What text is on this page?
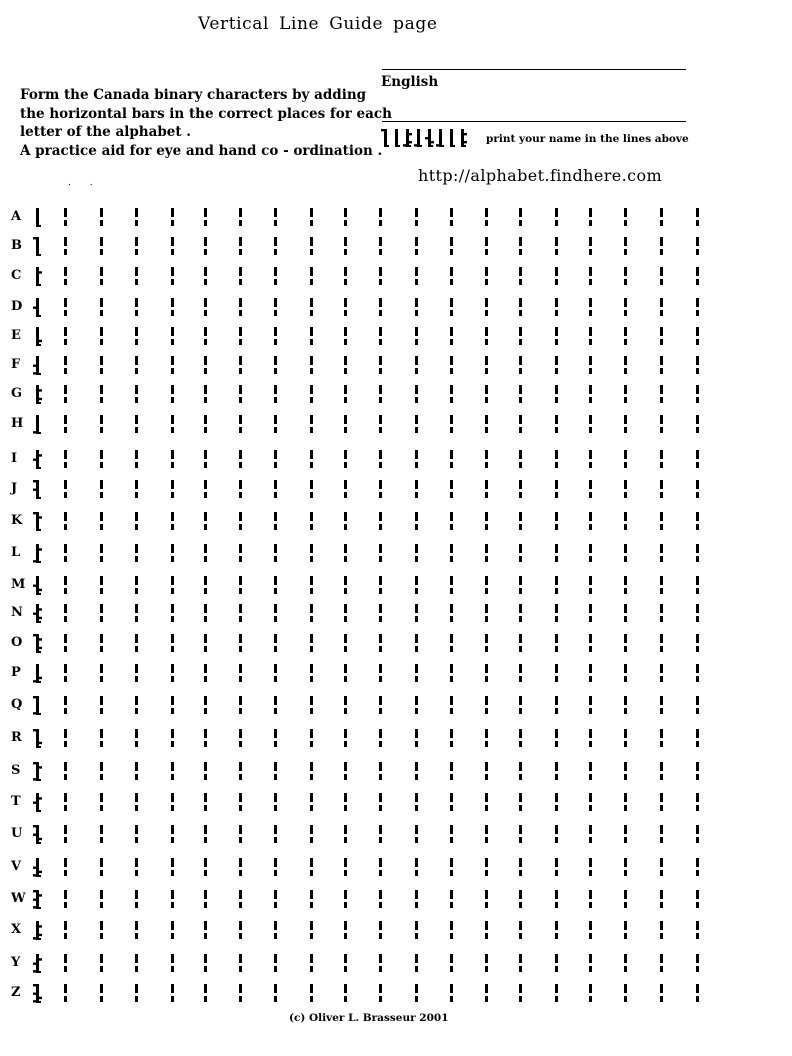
Vertical Line Guide page
Form the Canada binary characters by adding
the horizontal bars in the correct places for each
letter of the alphabet .
A practice aid for eye and hand co - ordination .
English
print your name in the lines above
http://alphabet.findhere.com
. .
A
B
C
D
E
F
G
H
I
J
K
L
M
N
O
P
Q
R
S
T
U
V
W
X
Y
Z
(c) Oliver L. Brasseur 2001
